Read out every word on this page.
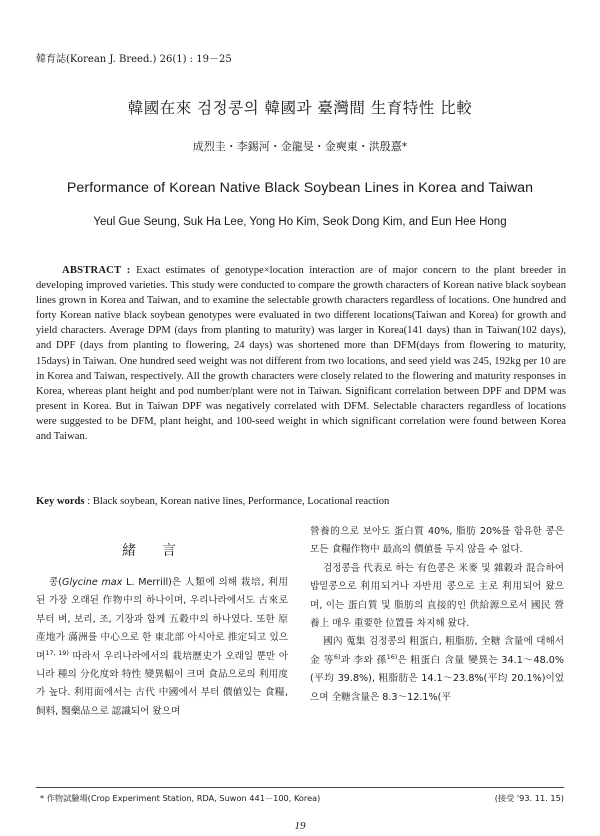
韓育誌(Korean J. Breed.) 26(1) : 19－25
韓國在來 검정콩의 韓國과 臺灣間 生育特性 比較
成烈圭・李錫河・金龍旻・金奭東・洪殷憙*
Performance of Korean Native Black Soybean Lines in Korea and Taiwan
Yeul Gue Seung, Suk Ha Lee, Yong Ho Kim, Seok Dong Kim, and Eun Hee Hong
ABSTRACT : Exact estimates of genotype×location interaction are of major concern to the plant breeder in developing improved varieties. This study were conducted to compare the growth characters of Korean native black soybean lines grown in Korea and Taiwan, and to examine the selectable growth characters regardless of locations. One hundred and forty Korean native black soybean genotypes were evaluated in two different locations(Taiwan and Korea) for growth and yield characters. Average DPM (days from planting to maturity) was larger in Korea(141 days) than in Taiwan(102 days), and DPF (days from planting to flowering, 24 days) was shortened more than DFM(days from flowering to maturity, 15days) in Taiwan. One hundred seed weight was not different from two locations, and seed yield was 245, 192kg per 10 are in Korea and Taiwan, respectively. All the growth characters were closely related to the flowering and maturity responses in Korea, whereas plant height and pod number/plant were not in Taiwan. Significant correlation between DPF and DPM was present in Korea. But in Taiwan DPF was negatively correlated with DFM. Selectable characters regardless of locations were suggested to be DFM, plant height, and 100-seed weight in which significant correlation were found between Korea and Taiwan.
Key words : Black soybean, Korean native lines, Performance, Locational reaction
緒言

콩(Glycine max L. Merrill)은 人類에 의해 栽培, 利用된 가장 오래된 作物中의 하나이며, 우리나라에서도 古來로 부터 벼, 보리, 조, 기장과 함께 五穀中의 하나였다. 또한 原產地가 滿洲를 中心으로 한 東北部 아시아로 推定되고 있으며$^{17, 19)}$ 따라서 우리나라에서의 栽培歷史가 오래일 뿐만 아니라 種의 分化度와 特性 變異幅이 크며 食品으로의 利用度가 높다. 利用面에서는 古代 中國에서 부터 價値있는 食糧, 飼料, 醫藥品으로 認識되어 왔으며

營養的으로 보아도 蛋白質 40%, 脂肪 20%를 함유한 콩은 모든 食糧作物中 最高의 價値를 두지 않을 수 없다.

검정콩을 代表로 하는 有色콩은 米麥 및 雜穀과 混合하여 밥밑콩으로 利用되거나 자반用 콩으로 主로 利用되어 왔으며, 이는 蛋白質 및 脂肪의 直接的인 供給源으로서 國民 營養上 매우 重要한 位置를 차지해 왔다.

國內 蒐集 검정콩의 粗蛋白, 粗脂肪, 全糖 含量에 대해서 金 等$^{6)}$과 李와 孫$^{16)}$은 粗蛋白 含量 變異는 34.1～48.0%(平均 39.8%), 粗脂肪은 14.1～23.8%(平均 20.1%)이었으며 全糖含量은 8.3～12.1%(平

* 作物試驗場(Crop Experiment Station, RDA, Suwon 441－100, Korea)	(接受 '93. 11. 15)
19
